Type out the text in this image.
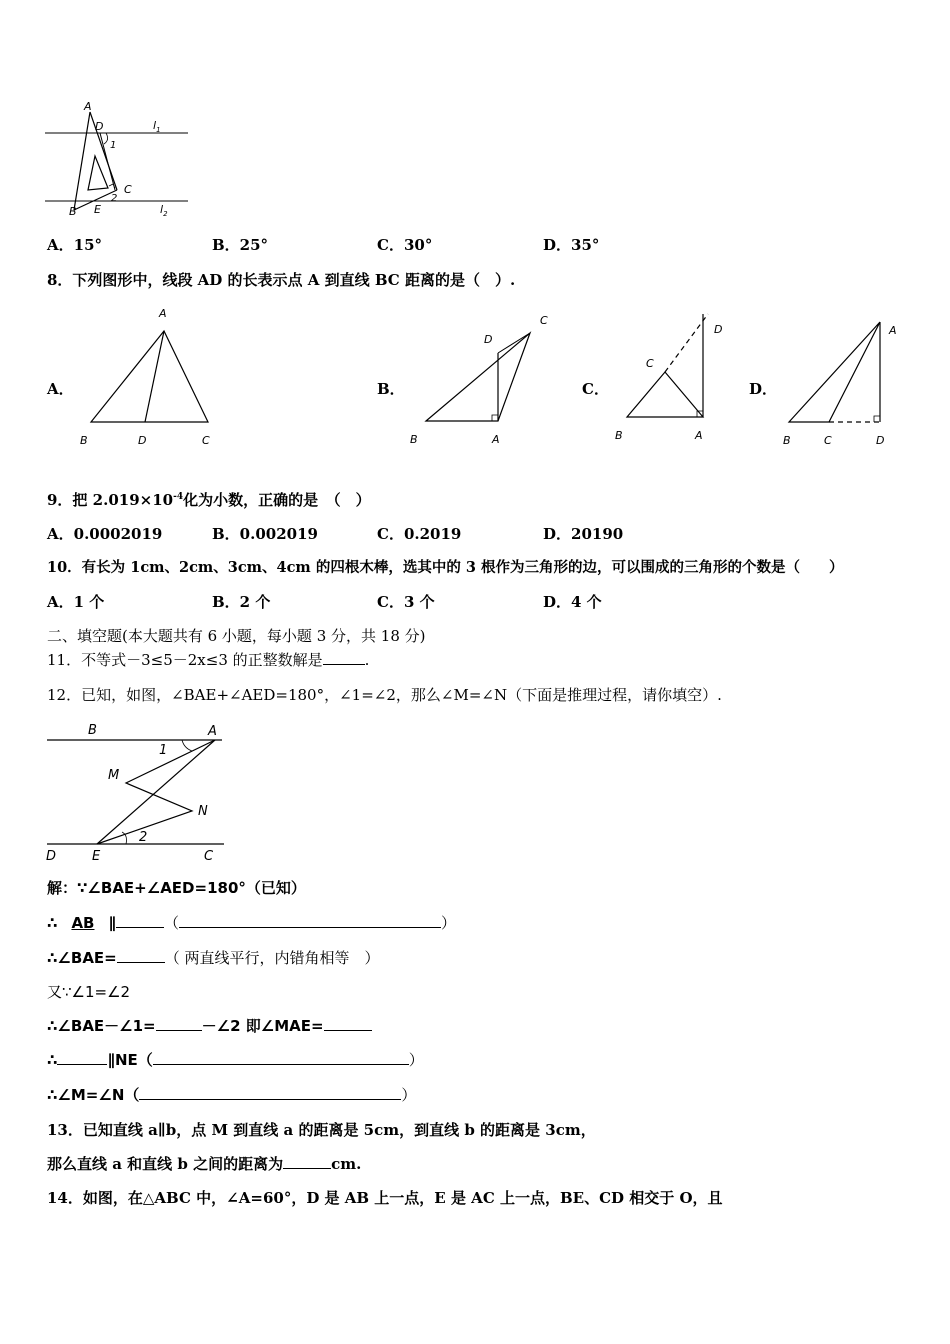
A
D	$l_1$
1
C
2
B E	$l_2$
A．15°	B．25°	C．30°	D．35°
8．下列图形中，线段 AD 的长表示点 A 到直线 BC 距离的是（　）.
A．
A
B	D	C
B．
C
D
B	A
C．
D
C
B	A
D．
A
B	C	D
9．把 $2.019\times 10^{-4}$化为小数，正确的是　（　）
A．0.0002019	B．0.002019	C．0.2019	D．20190
10．有长为 1cm、2cm、3cm、4cm 的四根木棒，选其中的 3 根作为三角形的边，可以围成的三角形的个数是（　　）
A．1 个	B．2 个	C．3 个	D．4 个
二、填空题(本大题共有 6 小题，每小题 3 分，共 18 分)
11．不等式－3≤5－2x≤3 的正整数解是	.
12．已知，如图，∠BAE+∠AED=180°，∠1=∠2，那么∠M=∠N（下面是推理过程，请你填空）.
B	A
1
M
N
2
D	E	C
解：∵∠BAE+∠AED=180°（已知）
∴ AB ∥	（	）
∴∠BAE=	（ 两直线平行，内错角相等　）
又∵∠1=∠2
∴∠BAE－∠1=	－∠2 即∠MAE=
∴	∥NE（	）
∴∠M=∠N（	）
13．已知直线 a∥b，点 M 到直线 a 的距离是 5cm，到直线 b 的距离是 3cm，
那么直线 a 和直线 b 之间的距离为	cm.
14．如图，在△ABC 中，∠A=60°，D 是 AB 上一点，E 是 AC 上一点，BE、CD 相交于 O，且
